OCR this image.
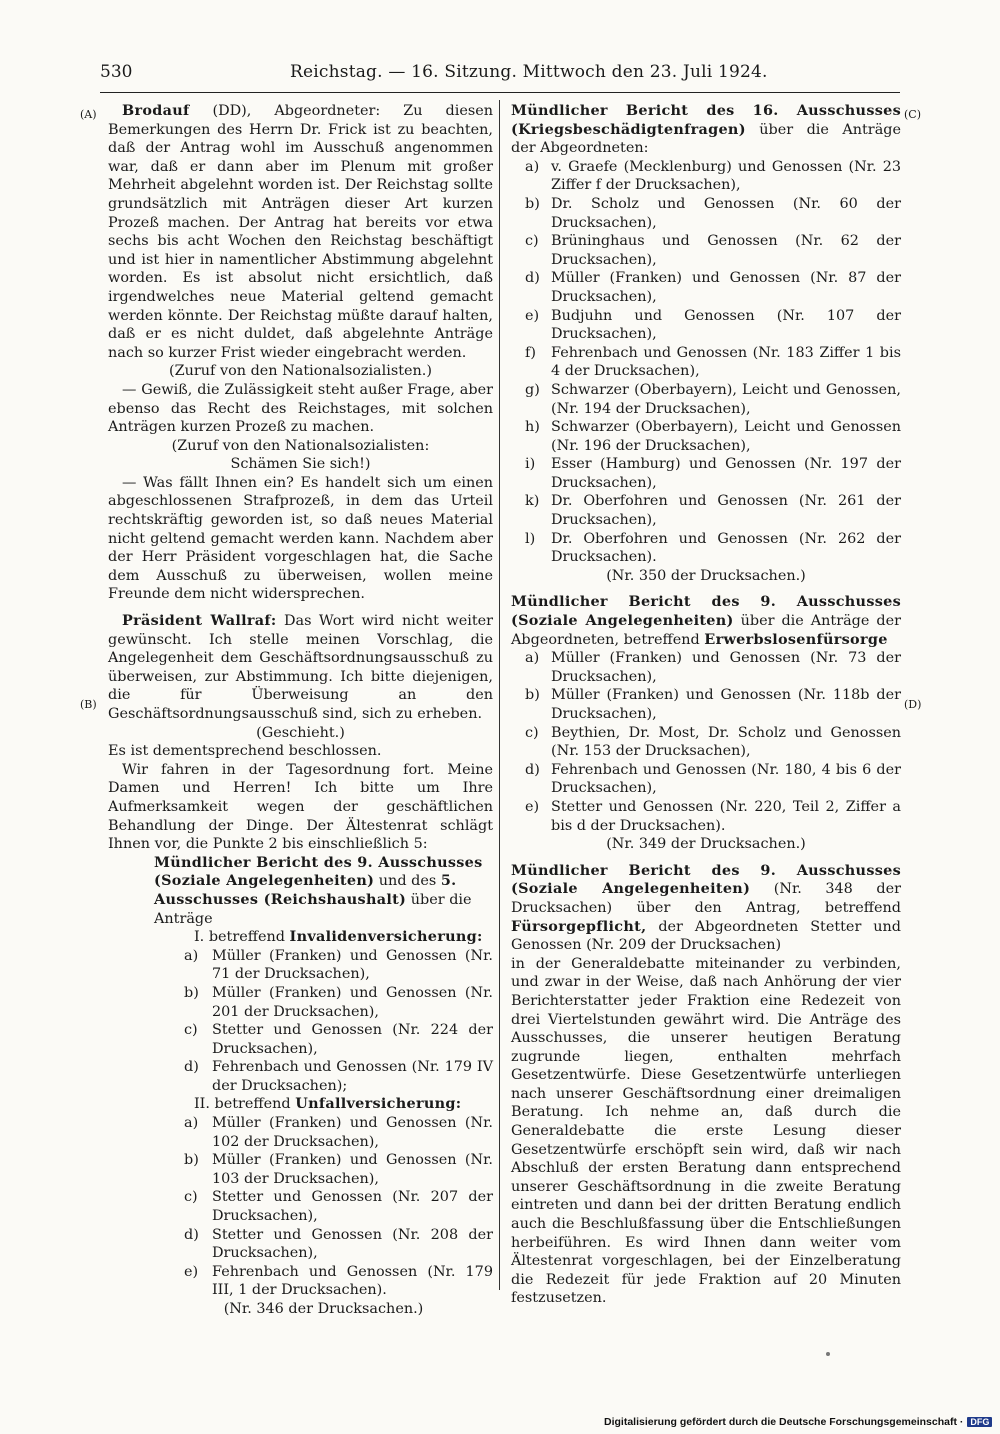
530	Reichstag. — 16. Sitzung. Mittwoch den 23. Juli 1924.
(A)
(B)
(C)
(D)

Brodauf (DD), Abgeordneter: Zu diesen Bemerkungen des Herrn Dr. Frick ist zu beachten, daß der Antrag wohl im Ausschuß angenommen war, daß er dann aber im Plenum mit großer Mehrheit abgelehnt worden ist. Der Reichstag sollte grundsätzlich mit Anträgen dieser Art kurzen Prozeß machen. Der Antrag hat bereits vor etwa sechs bis acht Wochen den Reichstag beschäftigt und ist hier in namentlicher Abstimmung abgelehnt worden. Es ist absolut nicht ersichtlich, daß irgendwelches neue Material geltend gemacht werden könnte. Der Reichstag müßte darauf halten, daß er es nicht duldet, daß abgelehnte Anträge nach so kurzer Frist wieder eingebracht werden.

(Zuruf von den Nationalsozialisten.)

— Gewiß, die Zulässigkeit steht außer Frage, aber ebenso das Recht des Reichstages, mit solchen Anträgen kurzen Prozeß zu machen.

(Zuruf von den Nationalsozialisten:

Schämen Sie sich!)

— Was fällt Ihnen ein? Es handelt sich um einen abgeschlossenen Strafprozeß, in dem das Urteil rechtskräftig geworden ist, so daß neues Material nicht geltend gemacht werden kann. Nachdem aber der Herr Präsident vorgeschlagen hat, die Sache dem Ausschuß zu überweisen, wollen meine Freunde dem nicht widersprechen.

Präsident Wallraf: Das Wort wird nicht weiter gewünscht. Ich stelle meinen Vorschlag, die Angelegenheit dem Geschäftsordnungsausschuß zu überweisen, zur Abstimmung. Ich bitte diejenigen, die für Überweisung an den Geschäftsordnungsausschuß sind, sich zu erheben.

(Geschieht.)

Es ist dementsprechend beschlossen.

Wir fahren in der Tagesordnung fort. Meine Damen und Herren! Ich bitte um Ihre Aufmerksamkeit wegen der geschäftlichen Behandlung der Dinge. Der Ältestenrat schlägt Ihnen vor, die Punkte 2 bis einschließlich 5:

Mündlicher Bericht des 9. Ausschusses (Soziale Angelegenheiten) und des 5. Ausschusses (Reichshaushalt) über die Anträge

I. betreffend Invalidenversicherung:

a) Müller (Franken) und Genossen (Nr. 71 der Drucksachen),
b) Müller (Franken) und Genossen (Nr. 201 der Drucksachen),
c) Stetter und Genossen (Nr. 224 der Drucksachen),
d) Fehrenbach und Genossen (Nr. 179 IV der Drucksachen);

II. betreffend Unfallversicherung:

a) Müller (Franken) und Genossen (Nr. 102 der Drucksachen),
b) Müller (Franken) und Genossen (Nr. 103 der Drucksachen),
c) Stetter und Genossen (Nr. 207 der Drucksachen),
d) Stetter und Genossen (Nr. 208 der Drucksachen),
e) Fehrenbach und Genossen (Nr. 179 III, 1 der Drucksachen).

(Nr. 346 der Drucksachen.)

Mündlicher Bericht des 16. Ausschusses (Kriegsbeschädigtenfragen) über die Anträge der Abgeordneten:

a) v. Graefe (Mecklenburg) und Genossen (Nr. 23 Ziffer f der Drucksachen),
b) Dr. Scholz und Genossen (Nr. 60 der Drucksachen),
c) Brüninghaus und Genossen (Nr. 62 der Drucksachen),
d) Müller (Franken) und Genossen (Nr. 87 der Drucksachen),
e) Budjuhn und Genossen (Nr. 107 der Drucksachen),
f) Fehrenbach und Genossen (Nr. 183 Ziffer 1 bis 4 der Drucksachen),
g) Schwarzer (Oberbayern), Leicht und Genossen, (Nr. 194 der Drucksachen),
h) Schwarzer (Oberbayern), Leicht und Genossen (Nr. 196 der Drucksachen),
i) Esser (Hamburg) und Genossen (Nr. 197 der Drucksachen),
k) Dr. Oberfohren und Genossen (Nr. 261 der Drucksachen),
l) Dr. Oberfohren und Genossen (Nr. 262 der Drucksachen).

(Nr. 350 der Drucksachen.)

Mündlicher Bericht des 9. Ausschusses (Soziale Angelegenheiten) über die Anträge der Abgeordneten, betreffend Erwerbslosenfürsorge

a) Müller (Franken) und Genossen (Nr. 73 der Drucksachen),
b) Müller (Franken) und Genossen (Nr. 118b der Drucksachen),
c) Beythien, Dr. Most, Dr. Scholz und Genossen (Nr. 153 der Drucksachen),
d) Fehrenbach und Genossen (Nr. 180, 4 bis 6 der Drucksachen),
e) Stetter und Genossen (Nr. 220, Teil 2, Ziffer a bis d der Drucksachen).

(Nr. 349 der Drucksachen.)

Mündlicher Bericht des 9. Ausschusses (Soziale Angelegenheiten) (Nr. 348 der Drucksachen) über den Antrag, betreffend Fürsorgepflicht, der Abgeordneten Stetter und Genossen (Nr. 209 der Drucksachen)

in der Generaldebatte miteinander zu verbinden, und zwar in der Weise, daß nach Anhörung der vier Berichterstatter jeder Fraktion eine Redezeit von drei Viertelstunden gewährt wird. Die Anträge des Ausschusses, die unserer heutigen Beratung zugrunde liegen, enthalten mehrfach Gesetzentwürfe. Diese Gesetzentwürfe unterliegen nach unserer Geschäftsordnung einer dreimaligen Beratung. Ich nehme an, daß durch die Generaldebatte die erste Lesung dieser Gesetzentwürfe erschöpft sein wird, daß wir nach Abschluß der ersten Beratung dann entsprechend unserer Geschäftsordnung in die zweite Beratung eintreten und dann bei der dritten Beratung endlich auch die Beschlußfassung über die Entschließungen herbeiführen. Es wird Ihnen dann weiter vom Ältestenrat vorgeschlagen, bei der Einzelberatung die Redezeit für jede Fraktion auf 20 Minuten festzusetzen.

Digitalisierung gefördert durch die Deutsche Forschungsgemeinschaft · DFG
